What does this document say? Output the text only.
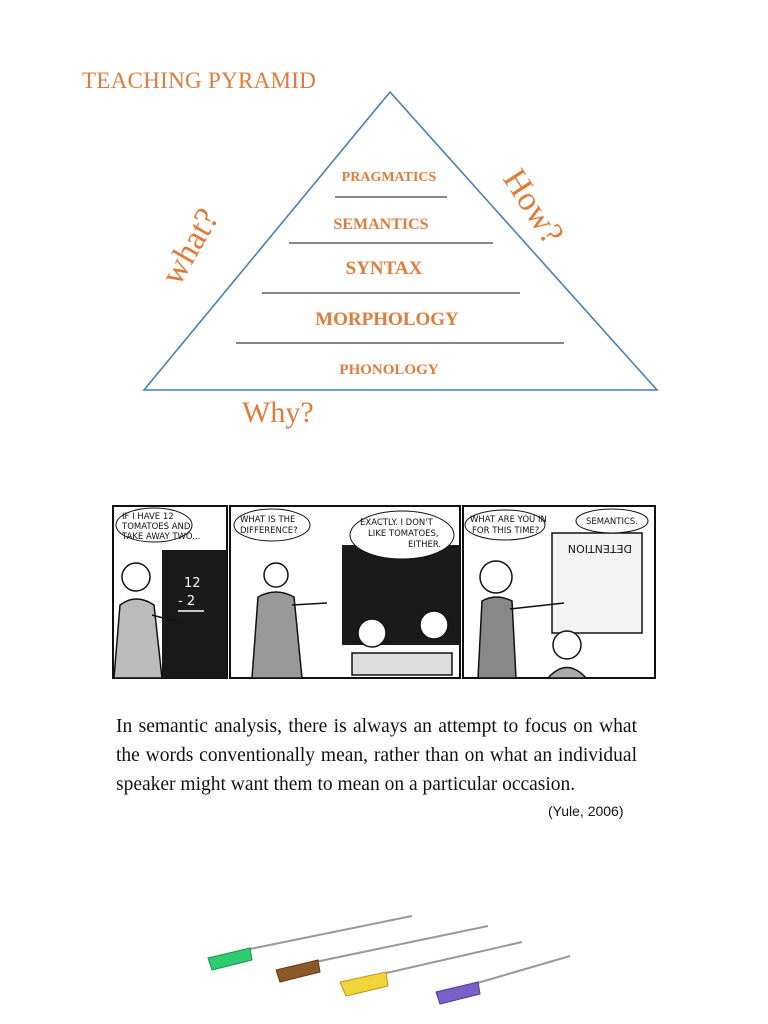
TEACHING PYRAMID
PRAGMATICS
SEMANTICS
SYNTAX
MORPHOLOGY
PHONOLOGY
what?	How?
Why?
IF I HAVE 12
TOMATOES AND
TAKE AWAY TWO...
12
- 2
WHAT IS THE
DIFFERENCE?
EXACTLY. I DON'T
LIKE TOMATOES,
EITHER.	DETENTION
WHAT ARE YOU IN
FOR THIS TIME?
SEMANTICS.
In semantic analysis, there is always an attempt to focus on what the words conventionally mean, rather than on what an individual speaker might want them to mean on a particular occasion.
(Yule, 2006)
